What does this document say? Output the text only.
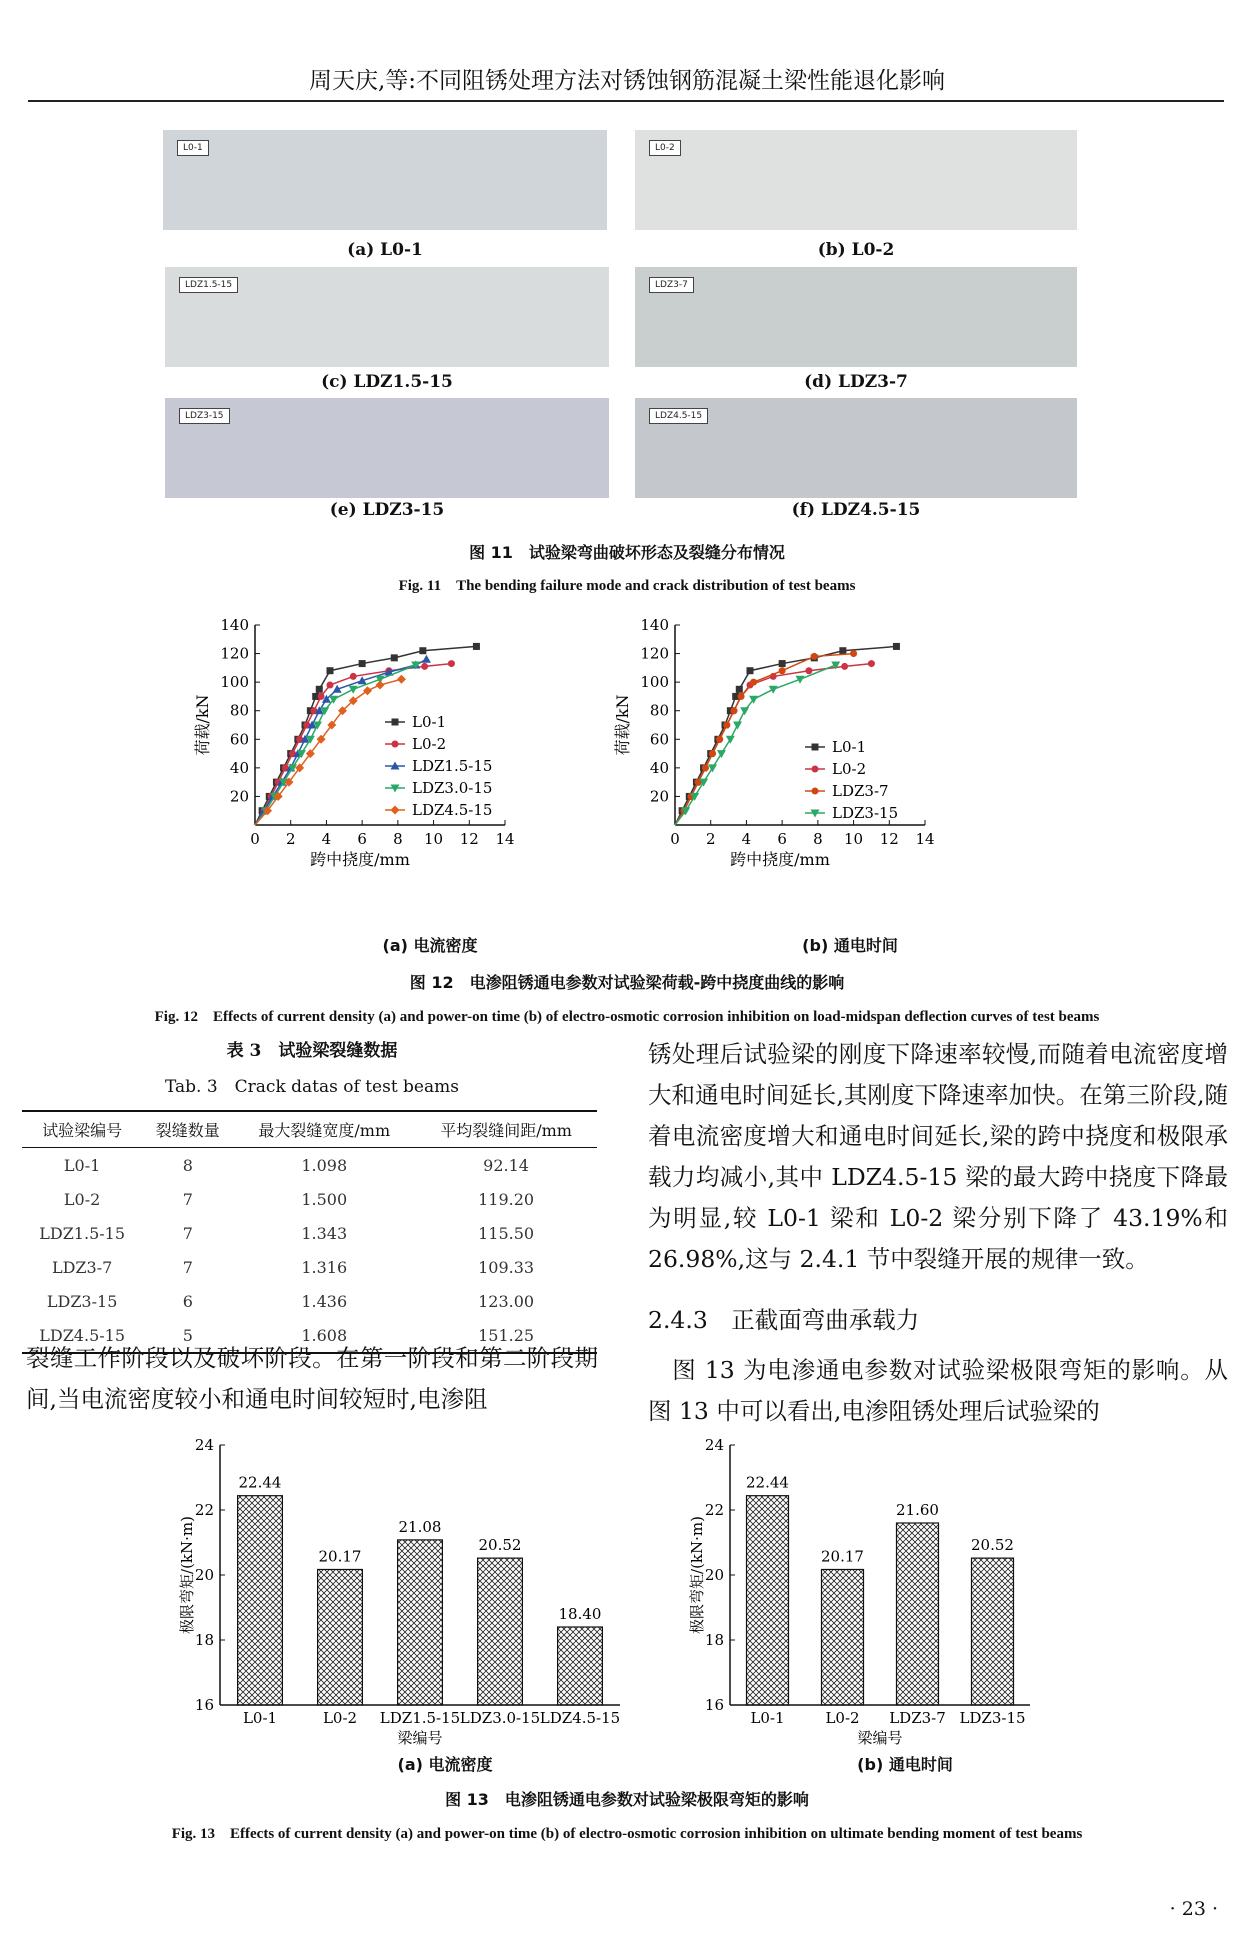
周天庆,等:不同阻锈处理方法对锈蚀钢筋混凝土梁性能退化影响
L0-1
(a) L0-1
L0-2
(b) L0-2
LDZ1.5-15
(c) LDZ1.5-15
LDZ3-7
(d) LDZ3-7
LDZ3-15
(e) LDZ3-15
LDZ4.5-15
(f) LDZ4.5-15
图 11　试验梁弯曲破坏形态及裂缝分布情况
Fig. 11　The bending failure mode and crack distribution of test beams
0 2 4 6 8 10 12 14
20
40
60
80
100
120
140
跨中挠度/mm
荷载/kN	L0-1
L0-2
LDZ1.5-15
LDZ3.0-15
LDZ4.5-15
0 2 4 6 8 10 12 14
20
40
60
80
100
120
140
跨中挠度/mm
荷载/kN	L0-1
L0-2
LDZ3-7
LDZ3-15
(a) 电流密度	(b) 通电时间
图 12　电渗阻锈通电参数对试验梁荷载-跨中挠度曲线的影响
Fig. 12　Effects of current density (a) and power-on time (b) of electro-osmotic corrosion inhibition on load-midspan deflection curves of test beams
表 3　试验梁裂缝数据
Tab. 3　Crack datas of test beams
试验梁编号	裂缝数量	最大裂缝宽度/mm	平均裂缝间距/mm
L0-1	8	1.098	92.14
L0-2	7	1.500	119.20
LDZ1.5-15	7	1.343	115.50
LDZ3-7	7	1.316	109.33
LDZ3-15	6	1.436	123.00
LDZ4.5-15	5	1.608	151.25
裂缝工作阶段以及破坏阶段。在第一阶段和第二阶段期间,当电流密度较小和通电时间较短时,电渗阻
锈处理后试验梁的刚度下降速率较慢,而随着电流密度增大和通电时间延长,其刚度下降速率加快。在第三阶段,随着电流密度增大和通电时间延长,梁的跨中挠度和极限承载力均减小,其中 LDZ4.5-15 梁的最大跨中挠度下降最为明显,较 L0-1 梁和 L0-2 梁分别下降了 43.19%和 26.98%,这与 2.4.1 节中裂缝开展的规律一致。
2.4.3　正截面弯曲承载力
　图 13 为电渗通电参数对试验梁极限弯矩的影响。从图 13 中可以看出,电渗阻锈处理后试验梁的
16
18
20
22
24
22.44
L0-1
20.17
L0-2
21.08
LDZ1.5-15
20.52
LDZ3.0-15
18.40
LDZ4.5-15
梁编号
极限弯矩/(kN·m)
16
18
20
22
24
22.44
L0-1
20.17
L0-2
21.60
LDZ3-7
20.52
LDZ3-15
梁编号
极限弯矩/(kN·m)
(a) 电流密度	(b) 通电时间
图 13　电渗阻锈通电参数对试验梁极限弯矩的影响
Fig. 13　Effects of current density (a) and power-on time (b) of electro-osmotic corrosion inhibition on ultimate bending moment of test beams
· 23 ·
